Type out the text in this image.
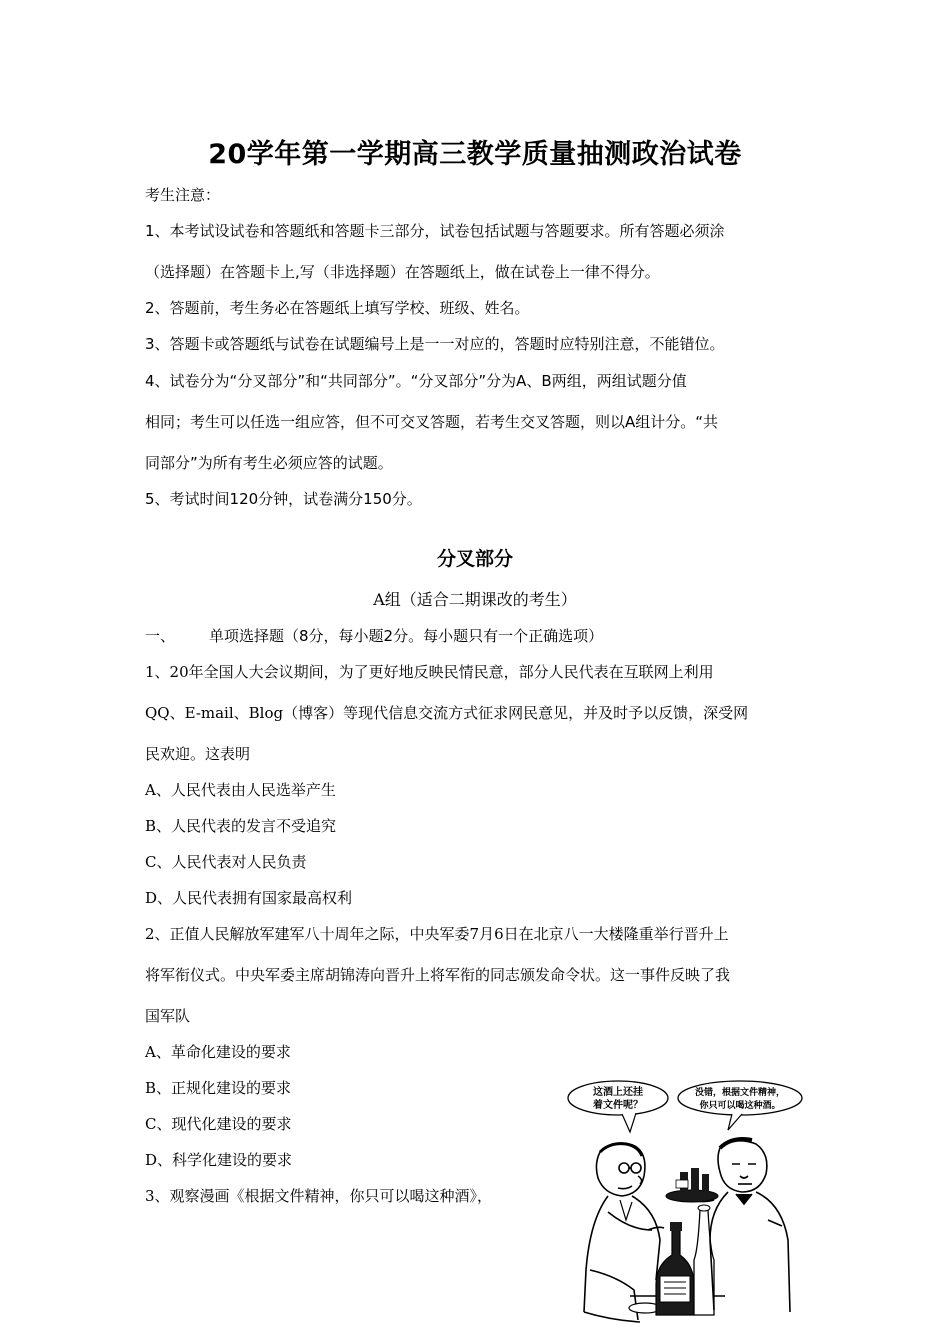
20学年第一学期高三教学质量抽测政治试卷
考生注意：
1、本考试设试卷和答题纸和答题卡三部分，试卷包括试题与答题要求。所有答题必须涂
（选择题）在答题卡上,写（非选择题）在答题纸上，做在试卷上一律不得分。
2、答题前，考生务必在答题纸上填写学校、班级、姓名。
3、答题卡或答题纸与试卷在试题编号上是一一对应的，答题时应特别注意，不能错位。
4、试卷分为“分叉部分”和“共同部分”。“分叉部分”分为A、B两组，两组试题分值
相同；考生可以任选一组应答，但不可交叉答题，若考生交叉答题，则以A组计分。“共
同部分”为所有考生必须应答的试题。
5、考试时间120分钟，试卷满分150分。
分叉部分
A组（适合二期课改的考生）
一、 单项选择题（8分，每小题2分。每小题只有一个正确选项）
1、20年全国人大会议期间，为了更好地反映民情民意，部分人民代表在互联网上利用
QQ、E-mail、Blog（博客）等现代信息交流方式征求网民意见，并及时予以反馈，深受网
民欢迎。这表明
A、人民代表由人民选举产生
B、人民代表的发言不受追究
C、人民代表对人民负责
D、人民代表拥有国家最高权利
2、正值人民解放军建军八十周年之际，中央军委7月6日在北京八一大楼隆重举行晋升上
将军衔仪式。中央军委主席胡锦涛向晋升上将军衔的同志颁发命令状。这一事件反映了我
国军队
A、革命化建设的要求
B、正规化建设的要求
C、现代化建设的要求
D、科学化建设的要求
3、观察漫画《根据文件精神，你只可以喝这种酒》，
这酒上还挂
着文件呢？
没错，根据文件精神，
你只可以喝这种酒。
